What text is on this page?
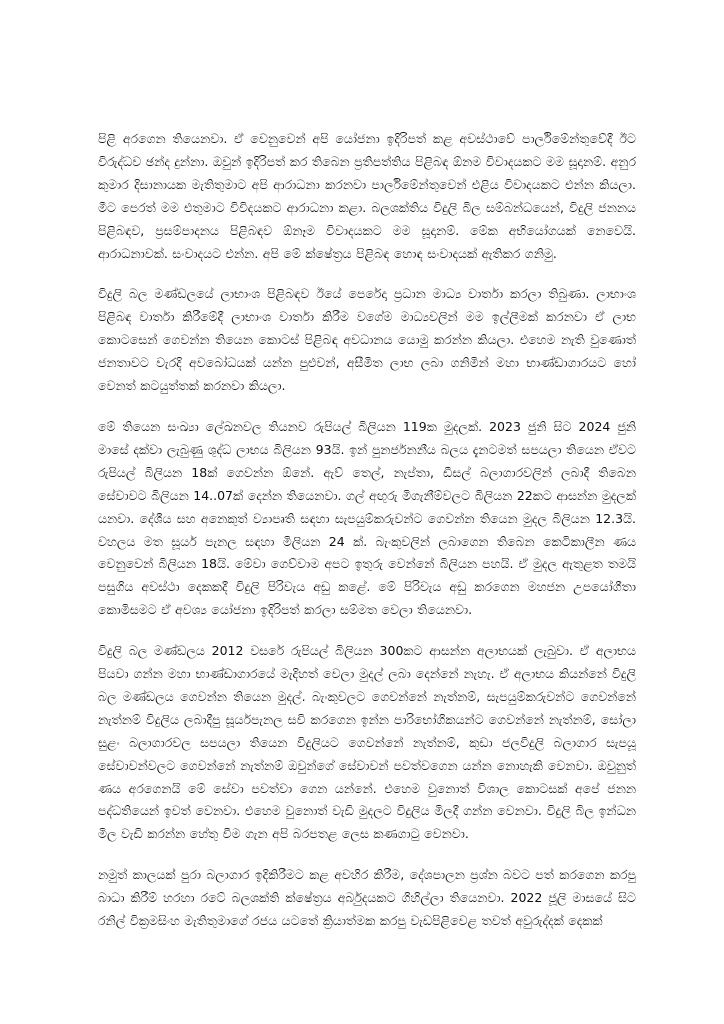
පිළි අරගෙන තියෙනවා. ඒ වෙනුවෙන් අපි යෝජනා ඉදිරිපත් කළ අවස්ථාවේ පාර්ලිමේන්තුවේදී ඊට විරුද්ධව ඡන්ද දුන්නා. ඔවුන් ඉදිරිපත් කර තිබෙන ප්‍රතිපත්තිය පිළිබඳ ඕනම විවාදයකට මම සූදානම්. අනුර කුමාර දිසානායක මැතිතුමාට අපි ආරාධනා කරනවා පාර්ලිමේන්තුවෙන් එළිය විවාදයකට එන්න කියලා. මීට පෙරත් මම එතුමාට විවිදයකට ආරාධනා කළා. බලශක්තිය විදුලි බිල සම්බන්ධයෙන්, විදුලි ජනනය පිළිබඳව, ප්‍රසම්පාදනය පිළිබඳව ඕනෑම විවාදයකට මම සූදානම්. මේක අභියෝගයක් නෙවෙයි. ආරාධනාවක්. සංවාදයට එන්න. අපි මේ ක්ෂේත්‍රය පිළිබඳ හොඳ සංවාදයක් ඇතිකර ගනිමු.

විදුලි බල මණ්ඩලයේ ලාභාංශ පිළිබඳව ඊයේ පෙරේදා ප්‍රධාන මාධ්‍ය වාර්තා කරලා තිබුණා. ලාභාංශ පිළිබඳ වාර්තා කිරීමේදී ලාභාංශ වාර්තා කිරීම වගේම මාධ්‍යවලින් මම ඉල්ලීමක් කරනවා ඒ ලාභ කොටසෙන් ගෙවන්න තියෙන කොටස් පිළිබඳ අවධානය යොමු කරන්න කියලා. එහෙම නැති වුණොත් ජනතාවට වැරදි අවබෝධයක් යන්න පුළුවන්, අසීමිත ලාභ ලබා ගනිමින් මහා භාණ්ඩාගාරයට හෝ වෙනත් කටයුත්තක් කරනවා කියලා.

මේ තියෙන සංඛ්‍යා ලේඛනවල තියනව රුපියල් බිලියන 119ක මුදලක්. 2023 ජුනි සිට 2024 ජුනි මාසේ දක්වා ලැබුණු ශුද්ධ ලාභය බිලියන 93යි. ඉන් පුනර්ජනනීය බලය දැනටමත් සපයලා තියෙන ඒවට රුපියල් බිලියන 18ක් ගෙවන්න ඕනේ. ඇව් තෙල්, නැප්තා, ඩීසල් බලාගාරවලින් ලබාදී තිබෙන සේවාවට බිලියන 14..07ක් දෙන්න තියෙනවා. ගල් අඟුරු මිගැනීම්වලට බිලියන 22කට ආසන්න මුදලක් යනවා. දේශීය සහ අනෙකුත් ව්‍යාපෘති සඳහා සැපයුම්කරුවන්ට ගෙවන්න තියෙන මුදල බිලියන 12.3යි. වහලය මත සූර්ය පැනල සඳහා මිලියන 24 ක්. බැංකුවලින් ලබාගෙන තිබෙන කෙටිකාලීන ණය වෙනුවෙන් බිලියන 18යි. මේවා ගෙව්වාම අපට ඉතුරු වෙන්නේ බිලියන පහයි. ඒ මුදල ඇතුළත තමයි පසුගිය අවස්ථා දෙකකදී විදුලි පිරිවැය අඩු කළේ. මේ පිරිවැය අඩු කරගෙන මහජන උපයෝගීතා කොමිසමට ඒ අවශ්‍ය යෝජනා ඉදිරිපත් කරලා සම්මත වෙලා තියෙනවා.

විදුලි බල මණ්ඩලය 2012 වසරේ රුපියල් බිලියන 300කට ආසන්න අලාභයක් ලැබුවා. ඒ අලාභය පියවා ගන්න මහා භාණ්ඩාගාරයේ මැදිහත් වෙලා මුදල් ලබා දෙන්නේ නැහැ. ඒ අලාභය කියන්නේ විදුලි බල මණ්ඩලය ගෙවන්න තියෙන මුදල්. බැංකුවලට ගෙවන්නේ නැත්නම්, සැපයුම්කරුවන්ට ගෙවන්නේ නැත්නම් විදුලිය ලබාදීපු සූර්යපැනල සවි කරගෙන ඉන්න පාරිභෝගිකයන්ට ගෙවන්නේ නැත්නම්, සෝලා සුළං බලාගාරවල සපයලා තියෙන විදුලියට ගෙවන්නේ නැත්නම්, කුඩා ජලවිදුලි බලාගාර සැපයූ සේවාවන්වලට ගෙවන්නේ නැත්නම් ඔවුන්ගේ සේවාවන් පවත්වගෙන යන්න නොහැකි වෙනවා. ඔවුනුත් ණය අරගෙනයි මේ සේවා පවත්වා ගෙන යන්නේ. එහෙම වුනොත් විශාල කොටසක් අපේ ජනන පද්ධතියෙන් ඉවත් වෙනවා. එහෙම වුනොත් වැඩි මුදලට විදුලිය මිලදී ගන්න වෙනවා. විදුලි බිල ඉන්ධන මිල වැඩි කරන්න හේතු වීම ගැන අපි බරපතළ ලෙස කණගාටු වෙනවා.

නමුත් කාලයක් පුරා බලාගාර ඉදිකිරීමට කළ අවහිර කිරීම, දේශපාලන ප්‍රශ්න බවට පත් කරගෙන කරපු බාධා කිරීම් හරහා රටේ බලශක්ති ක්ෂේත්‍රය අර්බුදයකට ගිහිල්ලා තියෙනවා. 2022 ජූලි මාසයේ සිට රනිල් වික්‍රමසිංහ මැතිතුමාගේ රජය යටතේ ක්‍රියාත්මක කරපු වැඩපිළිවෙළ තවත් අවුරුද්දක් දෙකක්
